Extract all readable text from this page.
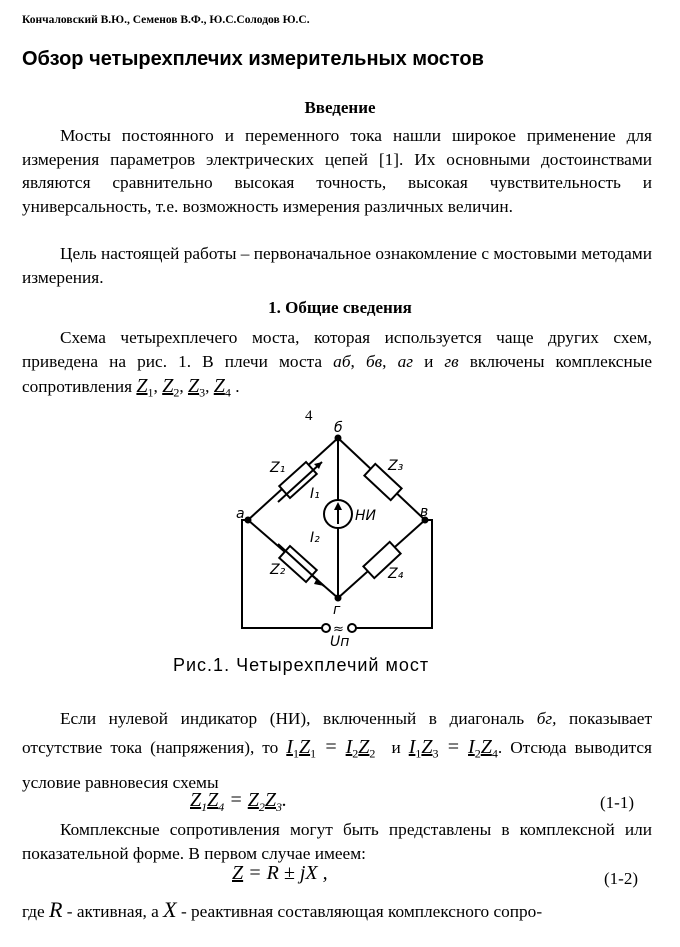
Кончаловский В.Ю., Семенов В.Ф., Ю.С.Солодов Ю.С.
Обзор четырехплечих измерительных мостов
Введение
Мосты постоянного и переменного тока нашли широкое применение для измерения параметров электрических цепей [1]. Их основными достоинствами являются сравнительно высокая точность, высокая чувствительность и универсальность, т.е. возможность измерения различных величин.
Цель настоящей работы – первоначальное ознакомление с мостовыми методами измерения.
1. Общие сведения
Схема четырехплечего моста, которая используется чаще других схем, приведена на рис. 1. В плечи моста аб, бв, аг и гв включены комплексные сопротивления $Z_1$, $Z_2$, $Z_3$, $Z_4$ .
4
a
б
в
г
Z₁
Z₂
Z₃
Z₄
I₁
I₂
НИ
Uп
≈
Рис.1. Четырехплечий мост
Если нулевой индикатор (НИ), включенный в диагональ бг, показывает отсутствие тока (напряжения), то $I_1Z_1 = I_2Z_2$ и $I_1Z_3 = I_2Z_4$. Отсюда выводится условие равновесия схемы
$Z_1Z_4 = Z_2Z_3$.	(1-1)
Комплексные сопротивления могут быть представлены в комплексной или показательной форме. В первом случае имеем:
Z = R ± jX ,	(1-2)
где R - активная, а X - реактивная составляющая комплексного сопро-
